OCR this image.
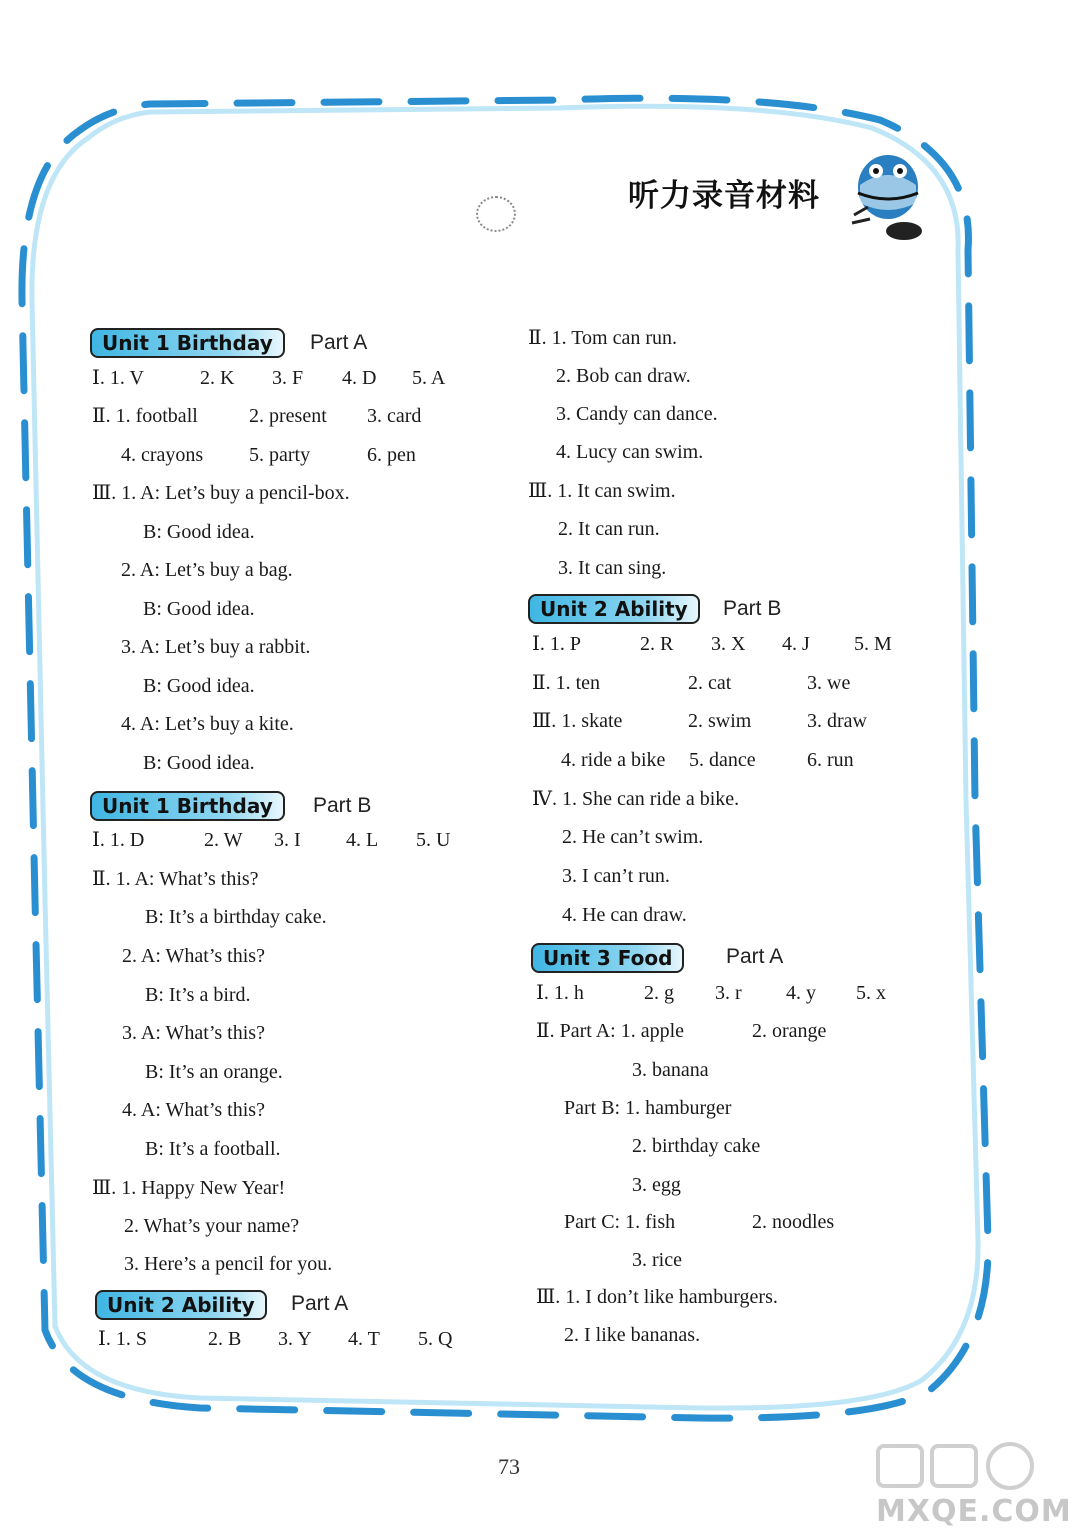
听力录音材料
Unit 1 Birthday	Part A

Ⅰ. 1. V	2. K 3. F 4. D 5. A

Ⅱ. 1. football	2. present 3. card

4. crayons 5. party	6. pen

Ⅲ. 1. A: Let’s buy a pencil-box.
B: Good idea.
2. A: Let’s buy a bag.
B: Good idea.
3. A: Let’s buy a rabbit.
B: Good idea.
4. A: Let’s buy a kite.
B: Good idea.
Unit 1 Birthday	Part B

Ⅰ. 1. D	2. W 3. I 4. L 5. U

Ⅱ. 1. A: What’s this?
B: It’s a birthday cake.
2. A: What’s this?
B: It’s a bird.
3. A: What’s this?
B: It’s an orange.
4. A: What’s this?
B: It’s a football.
Ⅲ. 1. Happy New Year!
2. What’s your name?
3. Here’s a pencil for you.
Unit 2 Ability	Part A

Ⅰ. 1. S	2. B 3. Y 4. T 5. Q

Ⅱ. 1. Tom can run.
2. Bob can draw.
3. Candy can dance.
4. Lucy can swim.
Ⅲ. 1. It can swim.
2. It can run.
3. It can sing.
Unit 2 Ability	Part B

Ⅰ. 1. P	2. R 3. X 4. J 5. M

Ⅱ. 1. ten	2. cat	3. we

Ⅲ. 1. skate	2. swim	3. draw

4. ride a bike 5. dance	6. run

Ⅳ. 1. She can ride a bike.
2. He can’t swim.
3. I can’t run.
4. He can draw.
Unit 3 Food	Part A

Ⅰ. 1. h	2. g 3. r 4. y 5. x

Ⅱ. Part A: 1. apple	2. orange

3. banana
Part B: 1. hamburger
2. birthday cake
3. egg

Part C: 1. fish	2. noodles

3. rice
Ⅲ. 1. I don’t like hamburgers.
2. I like bananas.
73
MXQE.COM
